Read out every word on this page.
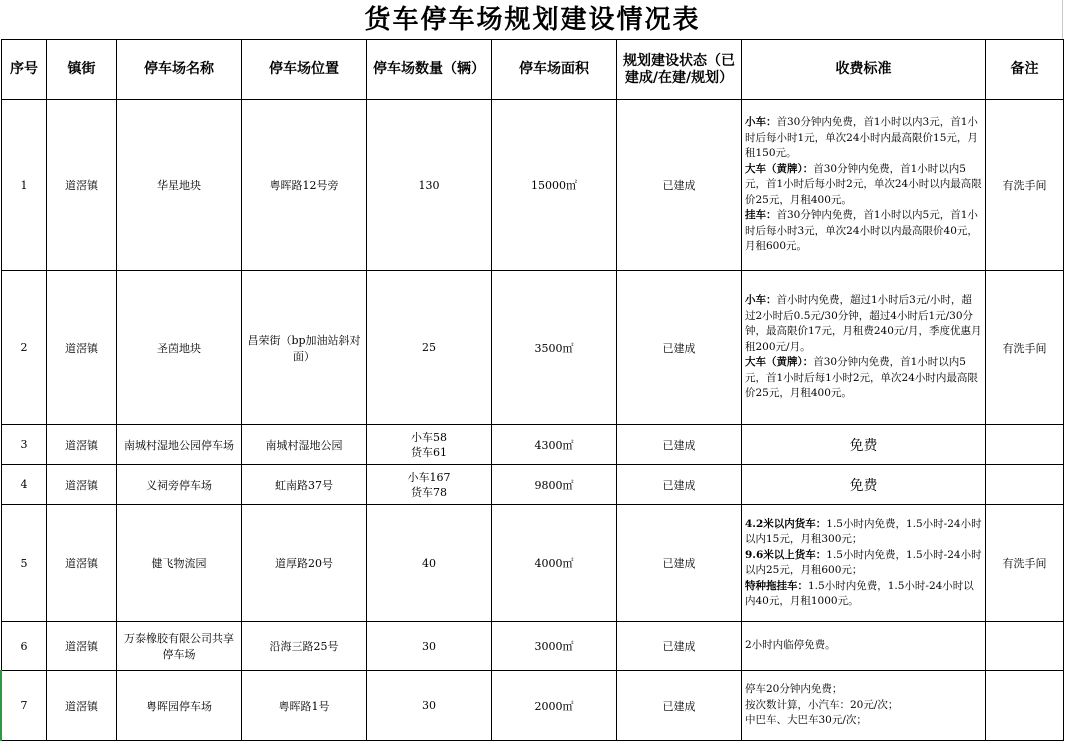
货车停车场规划建设情况表
序号	镇街	停车场名称	停车场位置	停车场数量（辆）	停车场面积	规划建设状态（已建成/在建/规划）	收费标准	备注
1	道滘镇	华星地块	粤晖路12号旁	130	15000㎡	已建成	小车：首30分钟内免费，首1小时以内3元，首1小时后每小时1元，单次24小时内最高限价15元，月租150元。
大车（黄牌）：首30分钟内免费，首1小时以内5元，首1小时后每小时2元，单次24小时以内最高限价25元，月租400元。
挂车：首30分钟内免费，首1小时以内5元，首1小时后每小时3元，单次24小时以内最高限价40元，月租600元。	有洗手间
2	道滘镇	圣茵地块	昌荣街（bp加油站斜对面）	25	3500㎡	已建成	小车：首小时内免费，超过1小时后3元/小时，超过2小时后0.5元/30分钟，超过4小时后1元/30分钟，最高限价17元，月租费240元/月，季度优惠月租200元/月。
大车（黄牌）：首30分钟内免费，首1小时以内5元，首1小时后每1小时2元，单次24小时内最高限价25元，月租400元。	有洗手间
3	道滘镇	南城村湿地公园停车场	南城村湿地公园	小车58
货车61	4300㎡	已建成	免费	
4	道滘镇	义祠旁停车场	虹南路37号	小车167
货车78	9800㎡	已建成	免费	
5	道滘镇	健飞物流园	道厚路20号	40	4000㎡	已建成	4.2米以内货车：1.5小时内免费，1.5小时-24小时以内15元，月租300元；
9.6米以上货车：1.5小时内免费，1.5小时-24小时以内25元，月租600元；
特种拖挂车：1.5小时内免费，1.5小时-24小时以内40元，月租1000元。	有洗手间
6	道滘镇	万泰橡胶有限公司共享停车场	沿海三路25号	30	3000㎡	已建成	2小时内临停免费。	
7	道滘镇	粤晖园停车场	粤晖路1号	30	2000㎡	已建成	停车20分钟内免费；
按次数计算，小汽车：20元/次；
中巴车、大巴车30元/次；	
